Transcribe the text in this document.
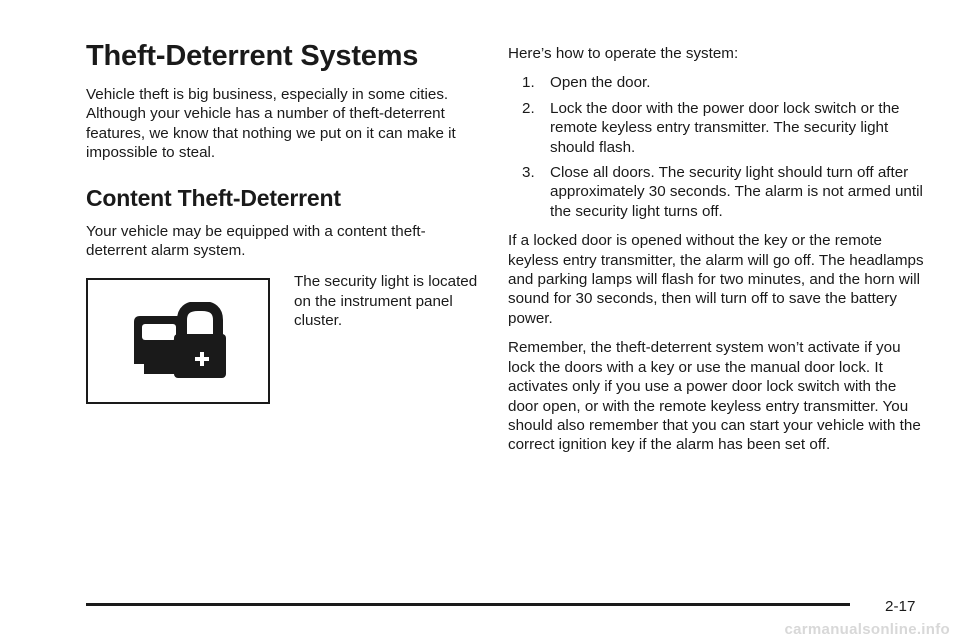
Theft-Deterrent Systems

Vehicle theft is big business, especially in some cities. Although your vehicle has a number of theft-deterrent features, we know that nothing we put on it can make it impossible to steal.

Content Theft-Deterrent

Your vehicle may be equipped with a content theft-deterrent alarm system.

The security light is located on the instrument panel cluster.

Here’s how to operate the system:

1. Open the door.
2. Lock the door with the power door lock switch or the remote keyless entry transmitter. The security light should flash.
3. Close all doors. The security light should turn off after approximately 30 seconds. The alarm is not armed until the security light turns off.

If a locked door is opened without the key or the remote keyless entry transmitter, the alarm will go off. The headlamps and parking lamps will flash for two minutes, and the horn will sound for 30 seconds, then will turn off to save the battery power.

Remember, the theft-deterrent system won’t activate if you lock the doors with a key or use the manual door lock. It activates only if you use a power door lock switch with the door open, or with the remote keyless entry transmitter. You should also remember that you can start your vehicle with the correct ignition key if the alarm has been set off.

2-17
carmanualsonline.info
